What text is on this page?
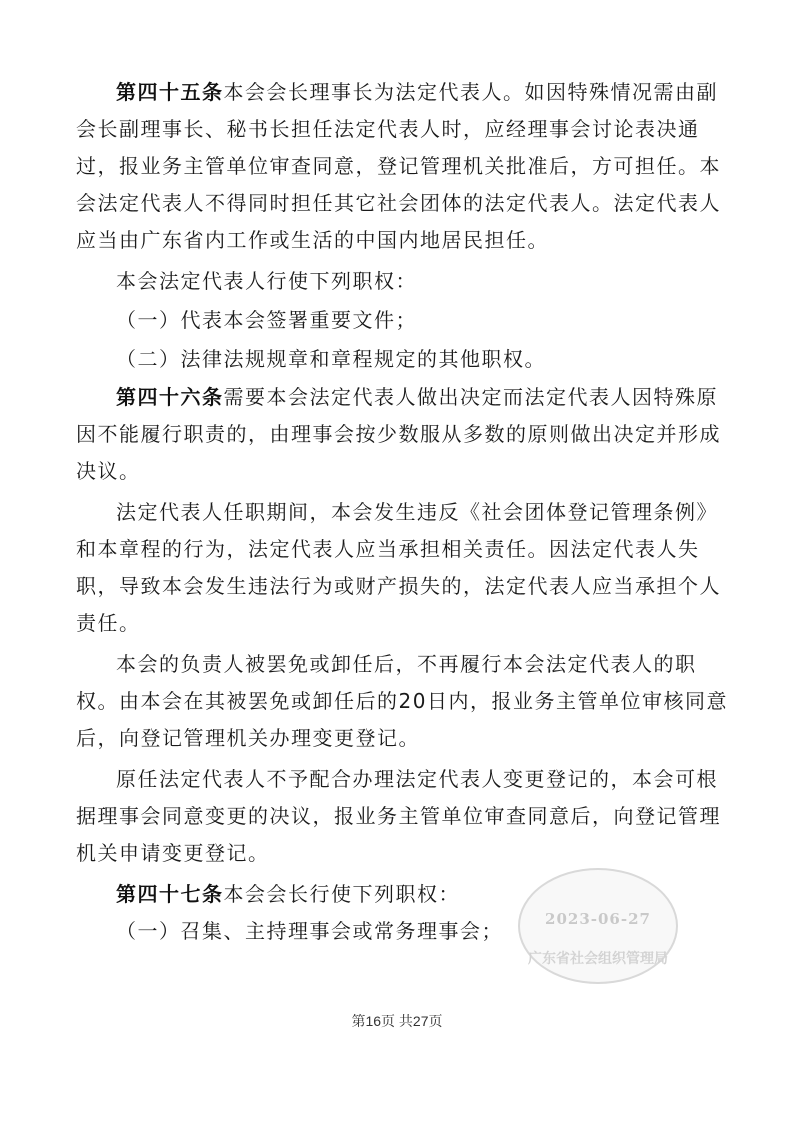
第四十五条本会会长理事长为法定代表人。如因特殊情况需由副
会长副理事长、秘书长担任法定代表人时，应经理事会讨论表决通
过，报业务主管单位审查同意，登记管理机关批准后，方可担任。本
会法定代表人不得同时担任其它社会团体的法定代表人。法定代表人
应当由广东省内工作或生活的中国内地居民担任。
本会法定代表人行使下列职权：
（一）代表本会签署重要文件；
（二）法律法规规章和章程规定的其他职权。
第四十六条需要本会法定代表人做出决定而法定代表人因特殊原
因不能履行职责的，由理事会按少数服从多数的原则做出决定并形成
决议。
法定代表人任职期间，本会发生违反《社会团体登记管理条例》
和本章程的行为，法定代表人应当承担相关责任。因法定代表人失
职，导致本会发生违法行为或财产损失的，法定代表人应当承担个人
责任。
本会的负责人被罢免或卸任后，不再履行本会法定代表人的职
权。由本会在其被罢免或卸任后的20日内，报业务主管单位审核同意
后，向登记管理机关办理变更登记。
原任法定代表人不予配合办理法定代表人变更登记的，本会可根
据理事会同意变更的决议，报业务主管单位审查同意后，向登记管理
机关申请变更登记。
第四十七条本会会长行使下列职权：
（一）召集、主持理事会或常务理事会；	2023-06-27
广东省社会组织管理局
第16页 共27页
